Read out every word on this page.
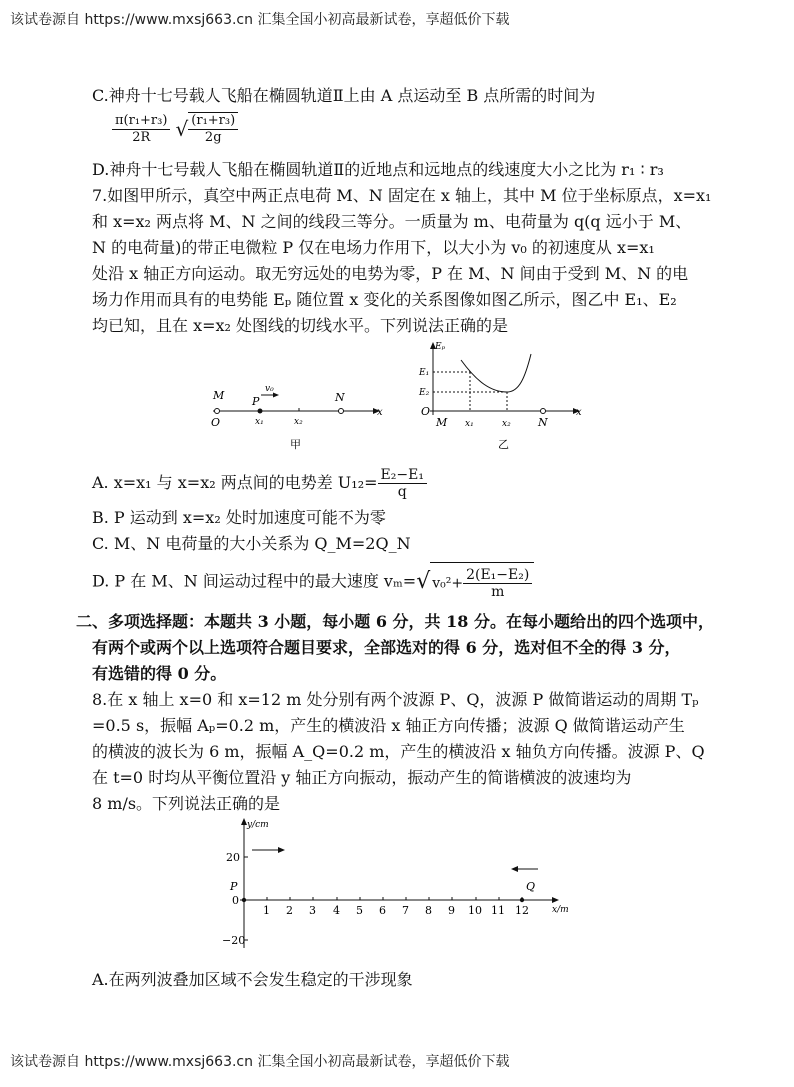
该试卷源自 https://www.mxsj663.cn 汇集全国小初高最新试卷，享超低价下载
C.神舟十七号载人飞船在椭圆轨道Ⅱ上由 A 点运动至 B 点所需的时间为
$\frac{\text{π(r₁+r₃)}}{2R}$ √ $\frac{\text{(r₁+r₃)}}{2g}$
D.神舟十七号载人飞船在椭圆轨道Ⅱ的近地点和远地点的线速度大小之比为 r₁ ∶ r₃
7.如图甲所示，真空中两正点电荷 M、N 固定在 x 轴上，其中 M 位于坐标原点，x=x₁
和 x=x₂ 两点将 M、N 之间的线段三等分。一质量为 m、电荷量为 q(q 远小于 M、
N 的电荷量)的带正电微粒 P 仅在电场力作用下，以大小为 v₀ 的初速度从 x=x₁
处沿 x 轴正方向运动。取无穷远处的电势为零，P 在 M、N 间由于受到 M、N 的电
场力作用而具有的电势能 Eₚ 随位置 x 变化的关系图像如图乙所示，图乙中 E₁、E₂
均已知，且在 x=x₂ 处图线的切线水平。下列说法正确的是
M
O
P
v₀
x₁	x₂
N
x
甲
Eₚ
E₁
E₂
O
M x₁	x₂ N
x
乙
A. x=x₁ 与 x=x₂ 两点间的电势差 $U_{12}= \frac{\text{E₂−E₁}}{q}$
B. P 运动到 x=x₂ 处时加速度可能不为零
C. M、N 电荷量的大小关系为 Q_M=2Q_N
D. P 在 M、N 间运动过程中的最大速度 vₘ=√ $v_0^2+ \frac{\text{2(E₁−E₂)}}{m}$
二、多项选择题：本题共 3 小题，每小题 6 分，共 18 分。在每小题给出的四个选项中，
有两个或两个以上选项符合题目要求，全部选对的得 6 分，选对但不全的得 3 分，
有选错的得 0 分。
8.在 x 轴上 x=0 和 x=12 m 处分别有两个波源 P、Q，波源 P 做简谐运动的周期 Tₚ
=0.5 s，振幅 Aₚ=0.2 m，产生的横波沿 x 轴正方向传播；波源 Q 做简谐运动产生
的横波的波长为 6 m，振幅 A_Q=0.2 m，产生的横波沿 x 轴负方向传播。波源 P、Q
在 t=0 时均从平衡位置沿 y 轴正方向振动，振动产生的简谐横波的波速均为
8 m/s。下列说法正确的是
y/cm
x/m
20
0
−20
1 2 3 4 5 6 7 8 9 10 11 12
P	Q
A.在两列波叠加区域不会发生稳定的干涉现象
该试卷源自 https://www.mxsj663.cn 汇集全国小初高最新试卷，享超低价下载
